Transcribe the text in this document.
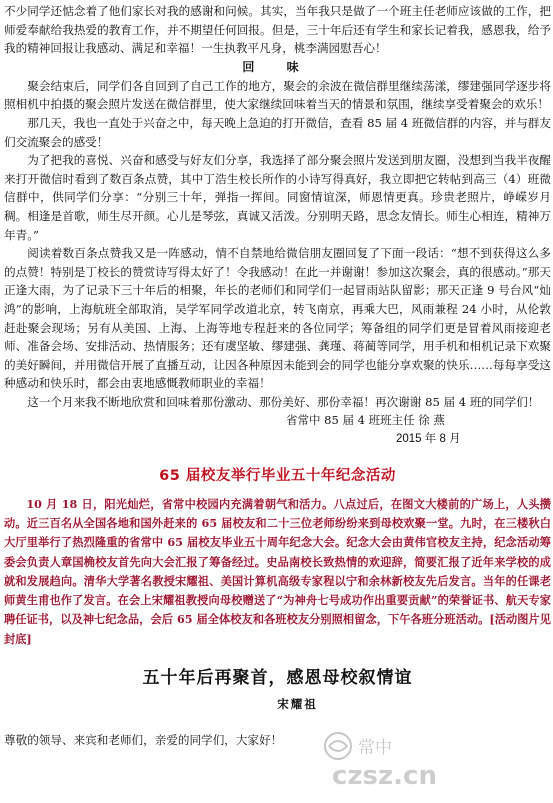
不少同学还惦念着了他们家长对我的感谢和问候。其实，当年我只是做了一个班主任老师应该做的工作，把师爱奉献给我热爱的教育工作，并不期望任何回报。但是，三十年后还有学生和家长记着我，感恩我，给予我的精神回报让我感动、满足和幸福！一生执教平凡身，桃李满园慰吾心！

回 味

聚会结束后，同学们各自回到了自己工作的地方，聚会的余波在微信群里继续荡漾，缪建强同学逐步将照相机中拍摄的聚会照片发送在微信群里，使大家继续回味着当天的情景和氛围，继续享受着聚会的欢乐！

那几天，我也一直处于兴奋之中，每天晚上急迫的打开微信，查看 85 届 4 班微信群的内容，并与群友们交流聚会的感受！

为了把我的喜悦、兴奋和感受与好友们分享，我选择了部分聚会照片发送到朋友圈，没想到当我半夜醒来打开微信时看到了数百条点赞，其中丁浩生校长所作的小诗写得真好，我立即把它转帖到高三（4）班微信群中，供同学们分享：“分别三十年，弹指一挥间。同窗情谊深，师恩情更真。珍贵老照片，峥嵘岁月稠。相逢是首歌，师生尽开颜。心儿是琴弦，真诚又活泼。分别明天路，思念友情长。师生心相连，精神万年青。”

阅读着数百条点赞我又是一阵感动，情不自禁地给微信朋友圈回复了下面一段话：“想不到获得这么多的点赞！特别是丁校长的赞赏诗写得太好了！令我感动！在此一并谢谢！参加这次聚会，真的很感动。”那天正逢大雨，为了记录下三十年后的相聚，年长的老师们和同学们一起冒雨站队留影；那天正逢 9 号台风“灿鸿”的影响，上海航班全部取消，吴学军同学改道北京，转飞南京，再乘大巴，风雨兼程 24 小时，从伦敦赶赴聚会现场；另有从美国、上海、上海等地专程赶来的各位同学；筹备组的同学们更是冒着风雨接迎老师、准备会场、安排活动、热情服务；还有虞坚敏、缪建强、龚瑾、蒋蔺等同学，用手机和相机记录下欢聚的美好瞬间，并用微信开展了直播互动，让因各种原因未能到会的同学也能分享欢聚的快乐……每每享受这种感动和快乐时，都会由衷地感慨教师职业的幸福！

这一个月来我不断地欣赏和回味着那份激动、那份美好、那份幸福！再次谢谢 85 届 4 班的同学们！

省常中 85 届 4 班班主任 徐 燕
2015 年 8 月
65 届校友举行毕业五十年纪念活动

10 月 18 日，阳光灿烂，省常中校园内充满着朝气和活力。八点过后，在图文大楼前的广场上，人头攒动。近三百名从全国各地和国外赶来的 65 届校友和二十三位老师纷纷来到母校欢聚一堂。九时，在三楼秋白大厅里举行了热烈隆重的省常中 65 届校友毕业五十周年纪念大会。纪念大会由黄伟官校友主持，纪念活动筹委会负责人章国桷校友首先向大会汇报了筹备经过。史品南校长致热情的欢迎辞，简要汇报了近年来学校的成就和发展趋向。清华大学著名教授宋耀祖、美国计算机高级专家程以宁和余林新校友先后发言。当年的任课老师黄生甫也作了发言。在会上宋耀祖教授向母校赠送了“为神舟七号成功作出重要贡献”的荣誉证书、航天专家聘任证书，以及神七纪念品，会后 65 届全体校友和各班校友分别照相留念，下午各班分班活动。[活动图片见封底]

五十年后再聚首，感恩母校叙情谊
宋耀祖

尊敬的领导、来宾和老师们，亲爱的同学们，大家好！	常中
czsz.cn
